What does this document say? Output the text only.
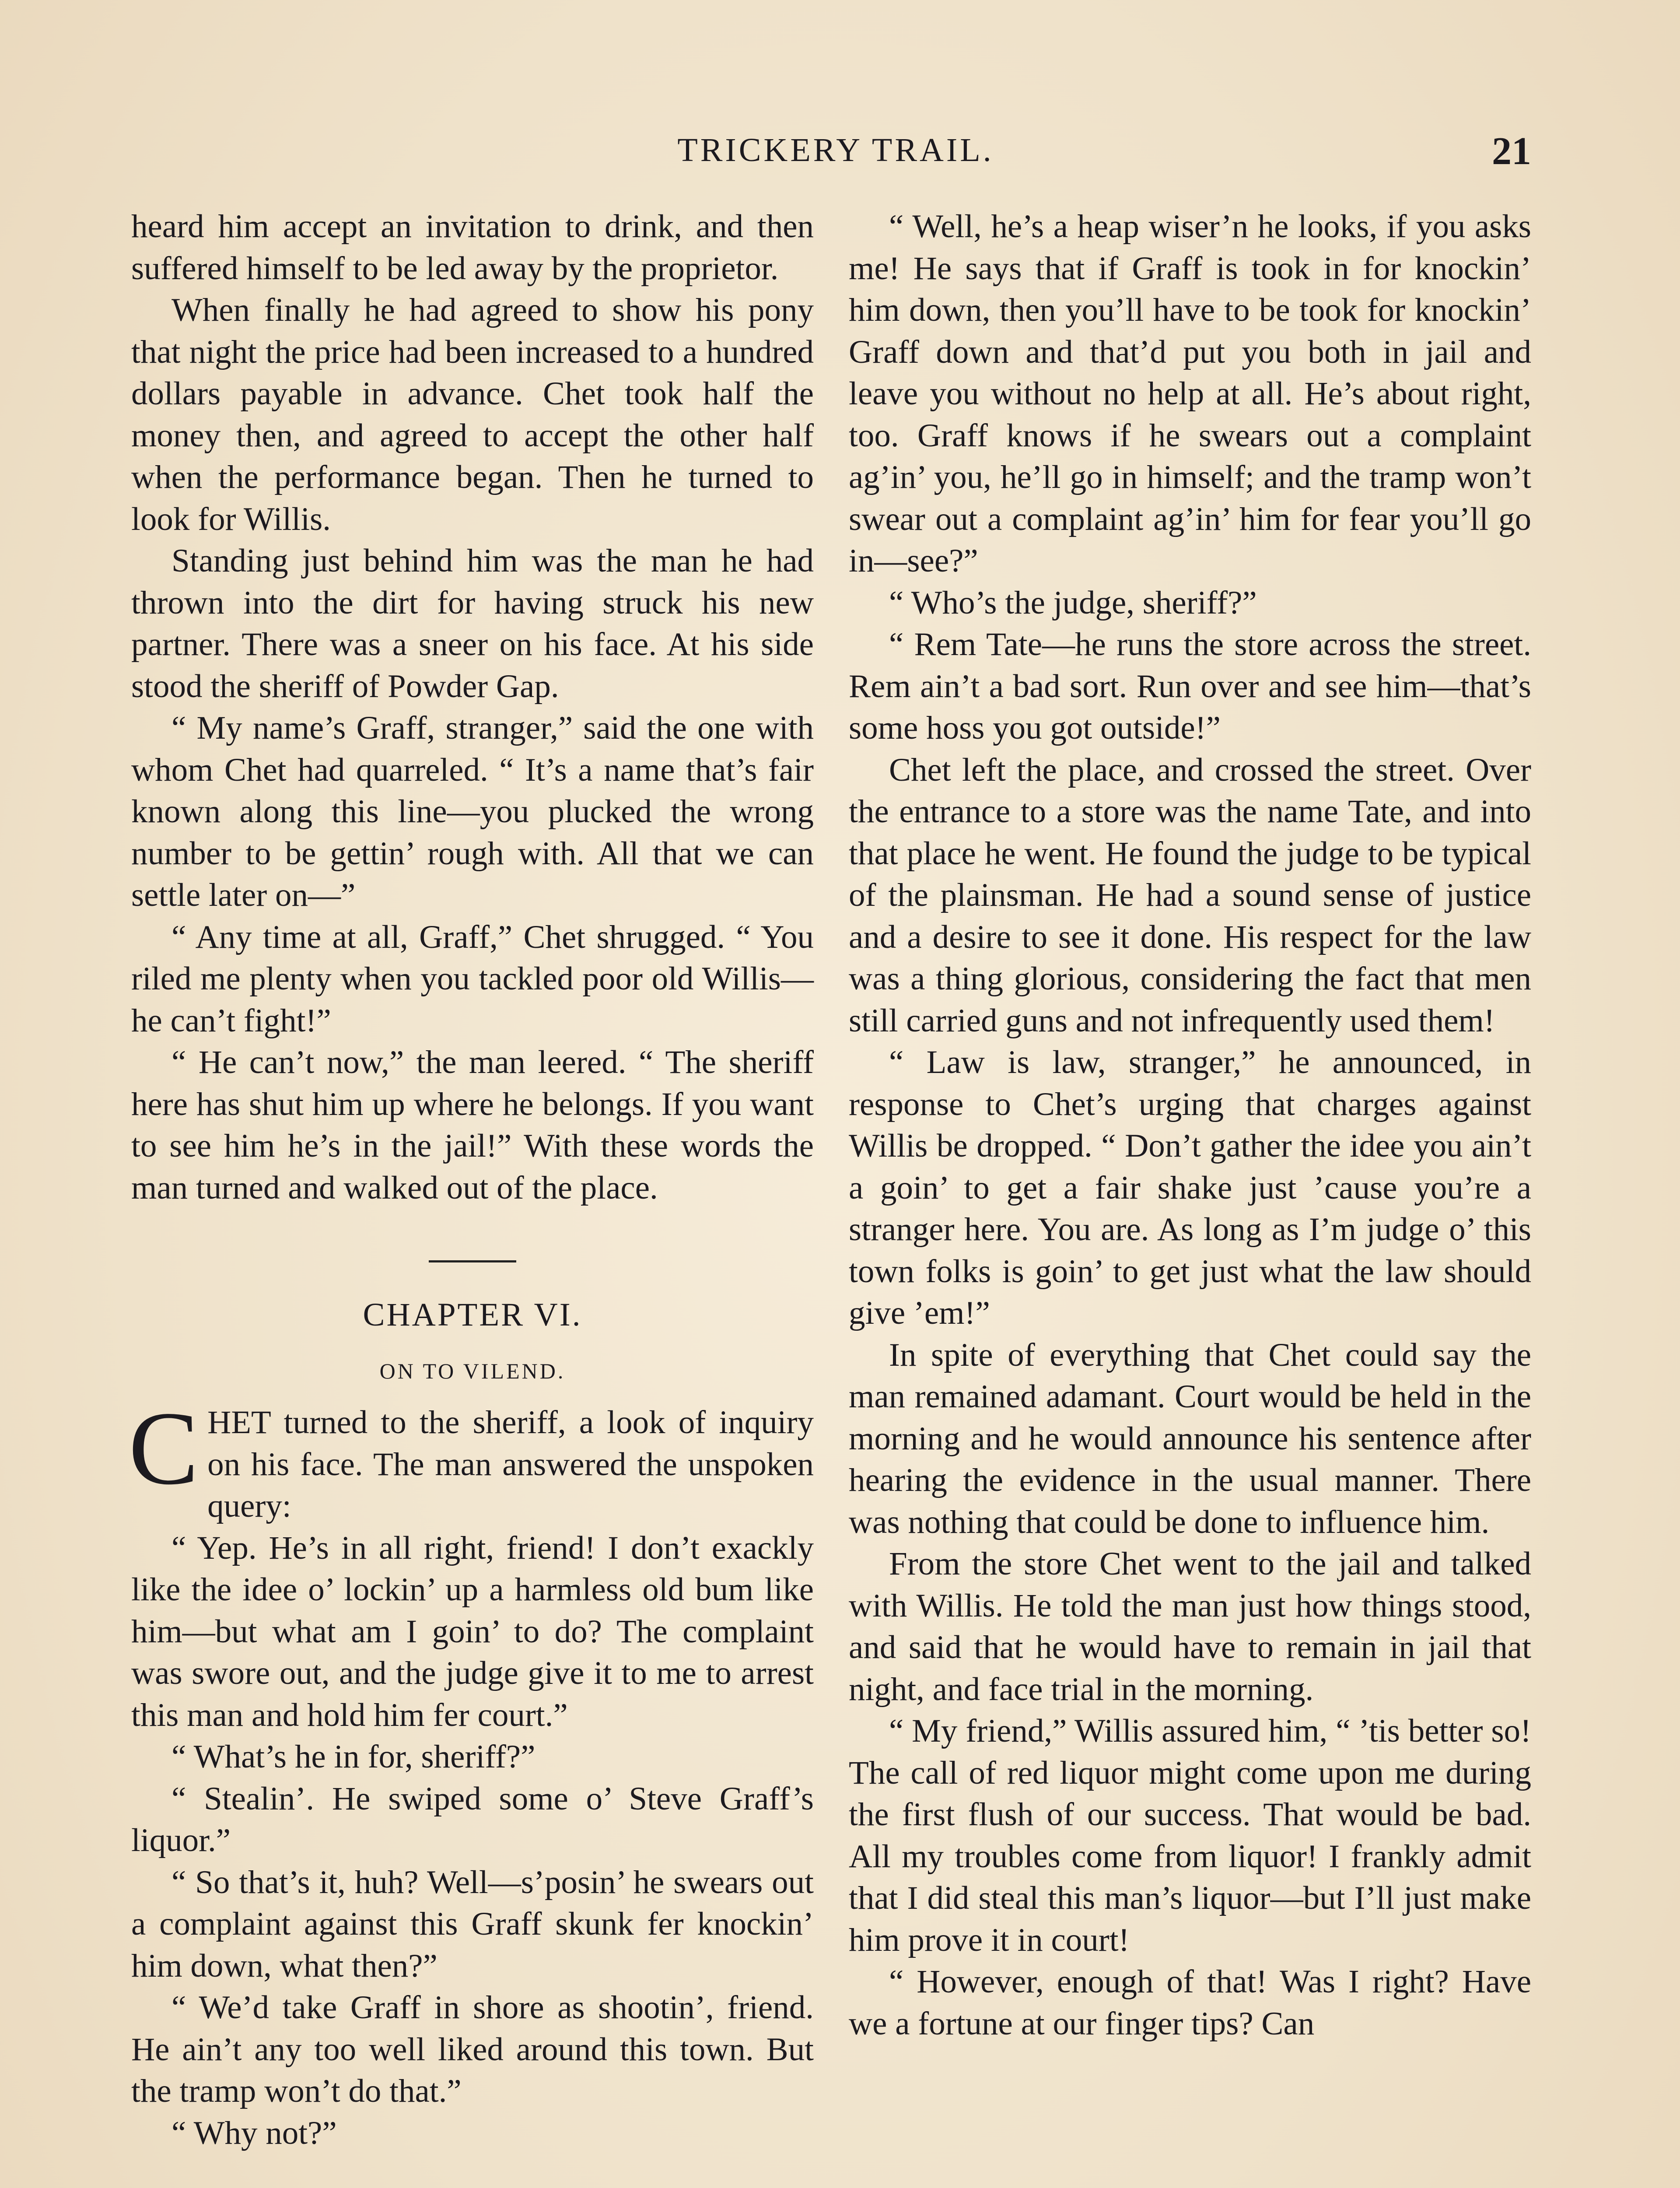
TRICKERY TRAIL.	21

heard him accept an invitation to drink, and then suffered himself to be led away by the proprietor.

When finally he had agreed to show his pony that night the price had been increased to a hundred dollars payable in advance. Chet took half the money then, and agreed to accept the other half when the performance began. Then he turned to look for Willis.

Standing just behind him was the man he had thrown into the dirt for having struck his new partner. There was a sneer on his face. At his side stood the sheriff of Powder Gap.

“ My name’s Graff, stranger,” said the one with whom Chet had quarreled. “ It’s a name that’s fair known along this line—you plucked the wrong number to be gettin’ rough with. All that we can settle later on—”

“ Any time at all, Graff,” Chet shrugged. “ You riled me plenty when you tackled poor old Willis—he can’t fight!”

“ He can’t now,” the man leered. “ The sheriff here has shut him up where he belongs. If you want to see him he’s in the jail!” With these words the man turned and walked out of the place.

CHAPTER VI.
ON TO VILEND.

CHET turned to the sheriff, a look of inquiry on his face. The man answered the unspoken query:

“ Yep. He’s in all right, friend! I don’t exackly like the idee o’ lockin’ up a harmless old bum like him—but what am I goin’ to do? The complaint was swore out, and the judge give it to me to arrest this man and hold him fer court.”

“ What’s he in for, sheriff?”

“ Stealin’. He swiped some o’ Steve Graff’s liquor.”

“ So that’s it, huh? Well—s’posin’ he swears out a complaint against this Graff skunk fer knockin’ him down, what then?”

“ We’d take Graff in shore as shootin’, friend. He ain’t any too well liked around this town. But the tramp won’t do that.”

“ Why not?”

“ Well, he’s a heap wiser’n he looks, if you asks me! He says that if Graff is took in for knockin’ him down, then you’ll have to be took for knockin’ Graff down and that’d put you both in jail and leave you without no help at all. He’s about right, too. Graff knows if he swears out a complaint ag’in’ you, he’ll go in himself; and the tramp won’t swear out a complaint ag’in’ him for fear you’ll go in—see?”

“ Who’s the judge, sheriff?”

“ Rem Tate—he runs the store across the street. Rem ain’t a bad sort. Run over and see him—that’s some hoss you got outside!”

Chet left the place, and crossed the street. Over the entrance to a store was the name Tate, and into that place he went. He found the judge to be typical of the plainsman. He had a sound sense of justice and a desire to see it done. His respect for the law was a thing glorious, considering the fact that men still carried guns and not infrequently used them!

“ Law is law, stranger,” he announced, in response to Chet’s urging that charges against Willis be dropped. “ Don’t gather the idee you ain’t a goin’ to get a fair shake just ’cause you’re a stranger here. You are. As long as I’m judge o’ this town folks is goin’ to get just what the law should give ’em!”

In spite of everything that Chet could say the man remained adamant. Court would be held in the morning and he would announce his sentence after hearing the evidence in the usual manner. There was nothing that could be done to influence him.

From the store Chet went to the jail and talked with Willis. He told the man just how things stood, and said that he would have to remain in jail that night, and face trial in the morning.

“ My friend,” Willis assured him, “ ’tis better so! The call of red liquor might come upon me during the first flush of our success. That would be bad. All my troubles come from liquor! I frankly admit that I did steal this man’s liquor—but I’ll just make him prove it in court!

“ However, enough of that! Was I right? Have we a fortune at our finger tips? Can
